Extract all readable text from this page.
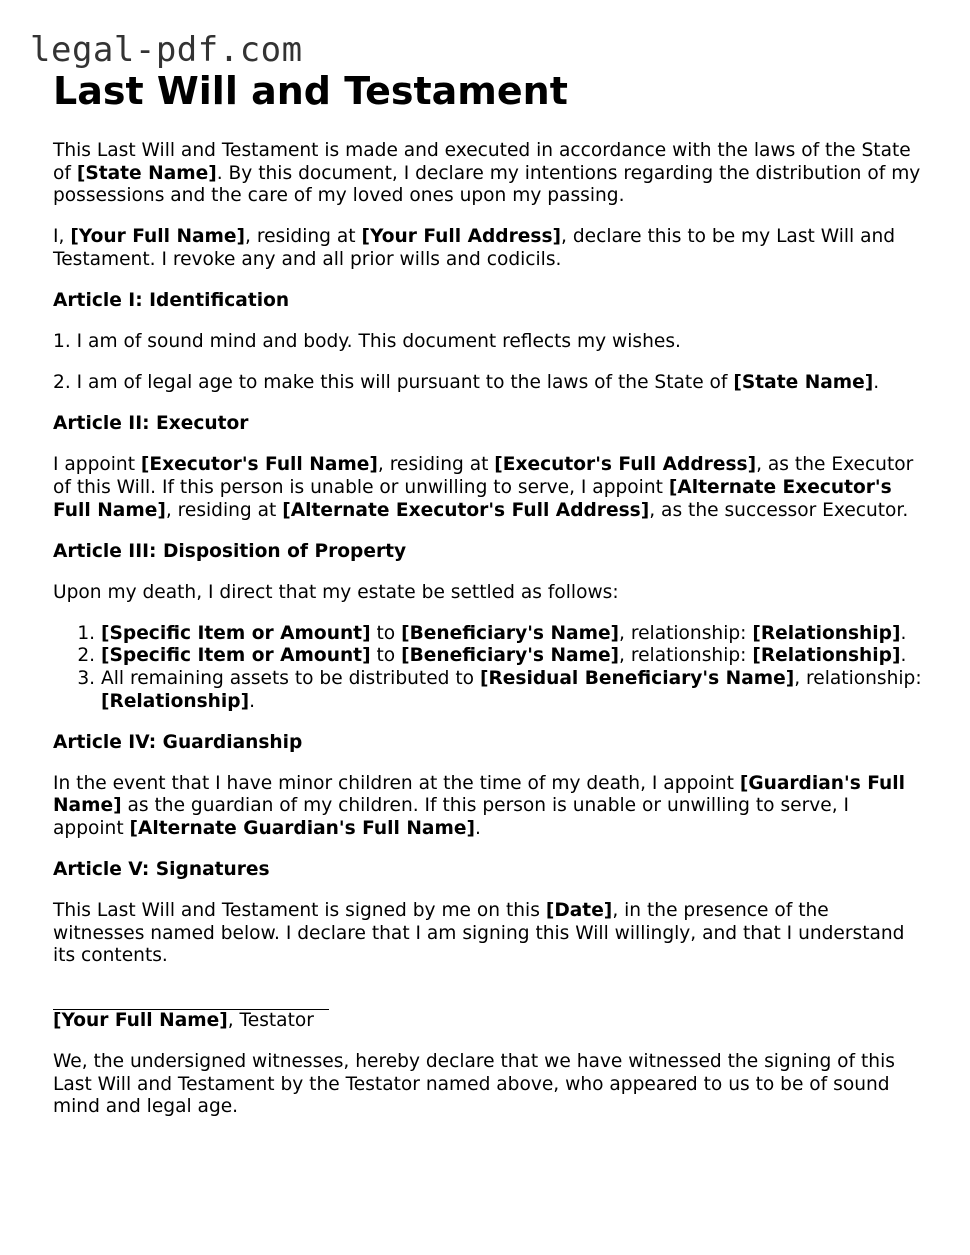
legal-pdf.com
Last Will and Testament

This Last Will and Testament is made and executed in accordance with the laws of the State of [State Name]. By this document, I declare my intentions regarding the distribution of my possessions and the care of my loved ones upon my passing.

I, [Your Full Name], residing at [Your Full Address], declare this to be my Last Will and Testament. I revoke any and all prior wills and codicils.

Article I: Identification

1. I am of sound mind and body. This document reflects my wishes.

2. I am of legal age to make this will pursuant to the laws of the State of [State Name].

Article II: Executor

I appoint [Executor's Full Name], residing at [Executor's Full Address], as the Executor of this Will. If this person is unable or unwilling to serve, I appoint [Alternate Executor's Full Name], residing at [Alternate Executor's Full Address], as the successor Executor.

Article III: Disposition of Property

Upon my death, I direct that my estate be settled as follows:

1. [Specific Item or Amount] to [Beneficiary's Name], relationship: [Relationship].
2. [Specific Item or Amount] to [Beneficiary's Name], relationship: [Relationship].
3. All remaining assets to be distributed to [Residual Beneficiary's Name], relationship: [Relationship].

Article IV: Guardianship

In the event that I have minor children at the time of my death, I appoint [Guardian's Full Name] as the guardian of my children. If this person is unable or unwilling to serve, I appoint [Alternate Guardian's Full Name].

Article V: Signatures

This Last Will and Testament is signed by me on this [Date], in the presence of the witnesses named below. I declare that I am signing this Will willingly, and that I understand its contents.

[Your Full Name], Testator

We, the undersigned witnesses, hereby declare that we have witnessed the signing of this Last Will and Testament by the Testator named above, who appeared to us to be of sound mind and legal age.
